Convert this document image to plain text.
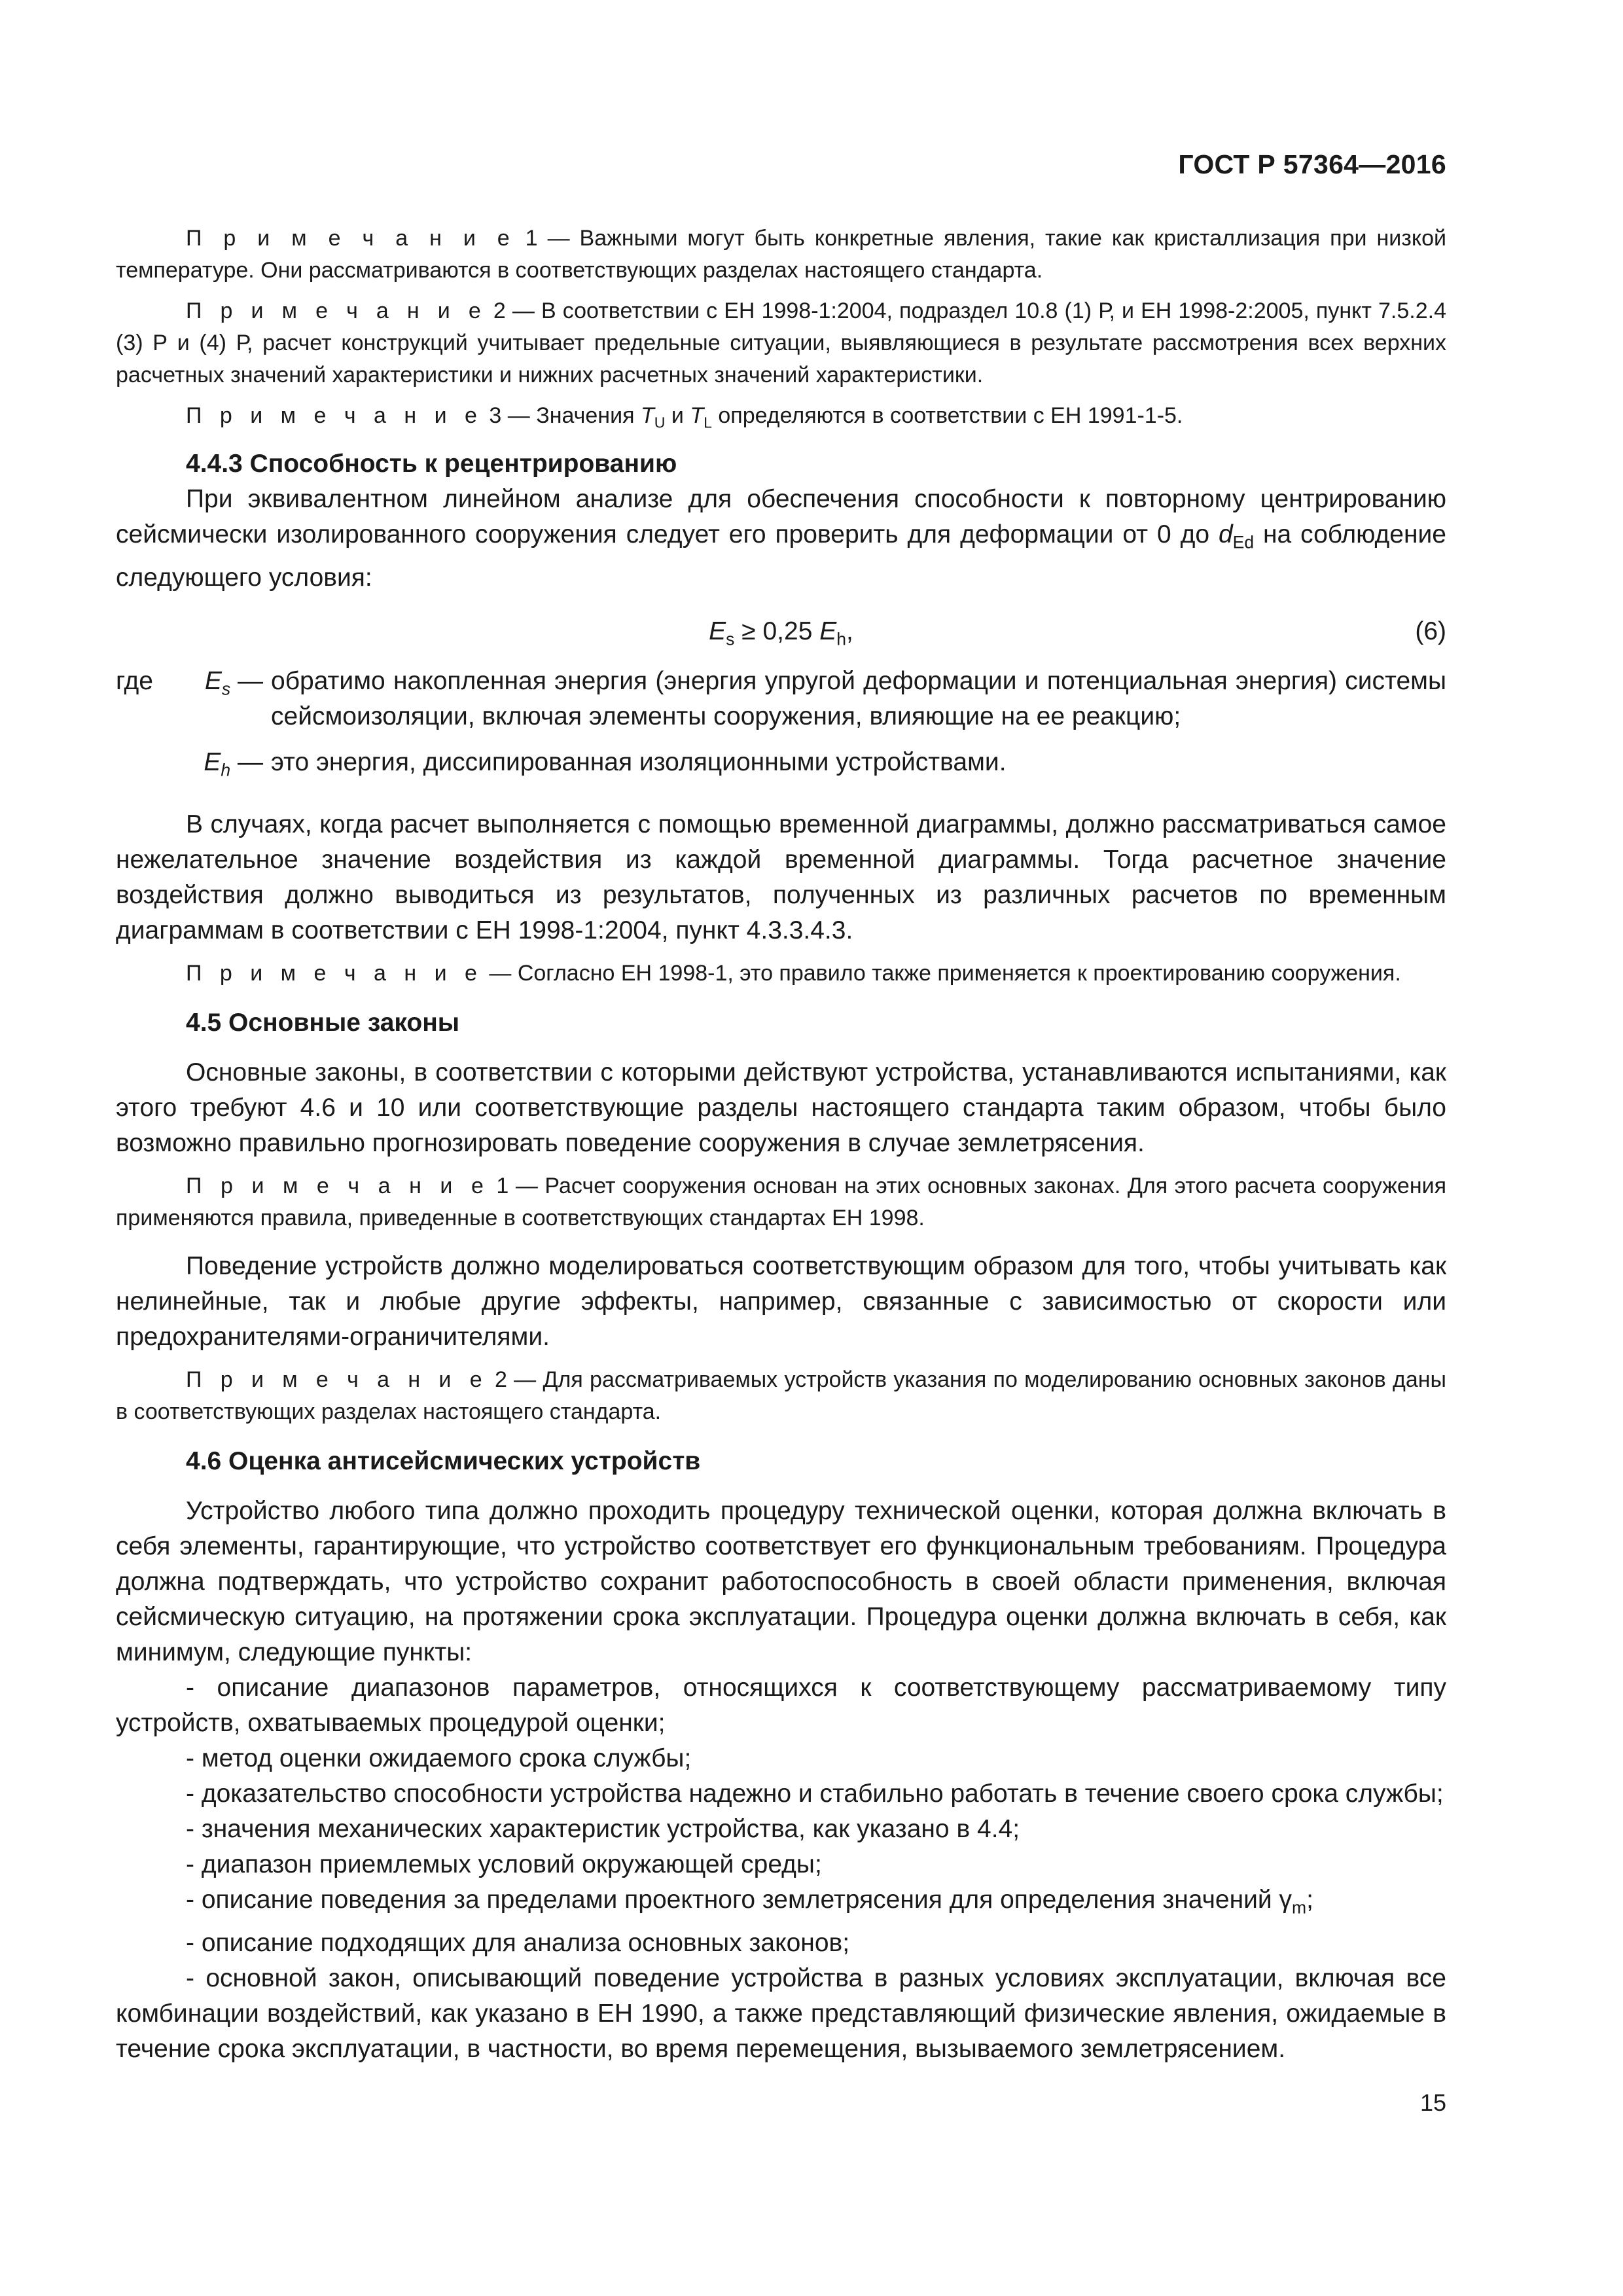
ГОСТ Р 57364—2016

П р и м е ч а н и е 1 — Важными могут быть конкретные явления, такие как кристаллизация при низкой температуре. Они рассматриваются в соответствующих разделах настоящего стандарта.

П р и м е ч а н и е 2 — В соответствии с ЕН 1998-1:2004, подраздел 10.8 (1) Р, и ЕН 1998-2:2005, пункт 7.5.2.4 (3) Р и (4) Р, расчет конструкций учитывает предельные ситуации, выявляющиеся в результате рассмотрения всех верхних расчетных значений характеристики и нижних расчетных значений характеристики.

П р и м е ч а н и е 3 — Значения $T_U$ и $T_L$ определяются в соответствии с ЕН 1991-1-5.

4.4.3 Способность к рецентрированию

При эквивалентном линейном анализе для обеспечения способности к повторному центрированию сейсмически изолированного сооружения следует его проверить для деформации от 0 до $d_{Ed}$ на соблюдение следующего условия:

$E_s \ge 0,25$ $E_h$,	(6)
где	$E_s$ — обратимо накопленная энергия (энергия упругой деформации и потенциальная энергия) системы сейсмоизоляции, включая элементы сооружения, влияющие на ее реакцию;
$E_h$ — это энергия, диссипированная изоляционными устройствами.

В случаях, когда расчет выполняется с помощью временной диаграммы, должно рассматриваться самое нежелательное значение воздействия из каждой временной диаграммы. Тогда расчетное значение воздействия должно выводиться из результатов, полученных из различных расчетов по временным диаграммам в соответствии с ЕН 1998-1:2004, пункт 4.3.3.4.3.

П р и м е ч а н и е — Согласно ЕН 1998-1, это правило также применяется к проектированию сооружения.

4.5 Основные законы

Основные законы, в соответствии с которыми действуют устройства, устанавливаются испытаниями, как этого требуют 4.6 и 10 или соответствующие разделы настоящего стандарта таким образом, чтобы было возможно правильно прогнозировать поведение сооружения в случае землетрясения.

П р и м е ч а н и е 1 — Расчет сооружения основан на этих основных законах. Для этого расчета сооружения применяются правила, приведенные в соответствующих стандартах ЕН 1998.

Поведение устройств должно моделироваться соответствующим образом для того, чтобы учитывать как нелинейные, так и любые другие эффекты, например, связанные с зависимостью от скорости или предохранителями-ограничителями.

П р и м е ч а н и е 2 — Для рассматриваемых устройств указания по моделированию основных законов даны в соответствующих разделах настоящего стандарта.

4.6 Оценка антисейсмических устройств

Устройство любого типа должно проходить процедуру технической оценки, которая должна включать в себя элементы, гарантирующие, что устройство соответствует его функциональным требованиям. Процедура должна подтверждать, что устройство сохранит работоспособность в своей области применения, включая сейсмическую ситуацию, на протяжении срока эксплуатации. Процедура оценки должна включать в себя, как минимум, следующие пункты:

- описание диапазонов параметров, относящихся к соответствующему рассматриваемому типу устройств, охватываемых процедурой оценки;

- метод оценки ожидаемого срока службы;

- доказательство способности устройства надежно и стабильно работать в течение своего срока службы;

- значения механических характеристик устройства, как указано в 4.4;

- диапазон приемлемых условий окружающей среды;

- описание поведения за пределами проектного землетрясения для определения значений $\gamma_m$;

- описание подходящих для анализа основных законов;

- основной закон, описывающий поведение устройства в разных условиях эксплуатации, включая все комбинации воздействий, как указано в ЕН 1990, а также представляющий физические явления, ожидаемые в течение срока эксплуатации, в частности, во время перемещения, вызываемого землетрясением.

15
